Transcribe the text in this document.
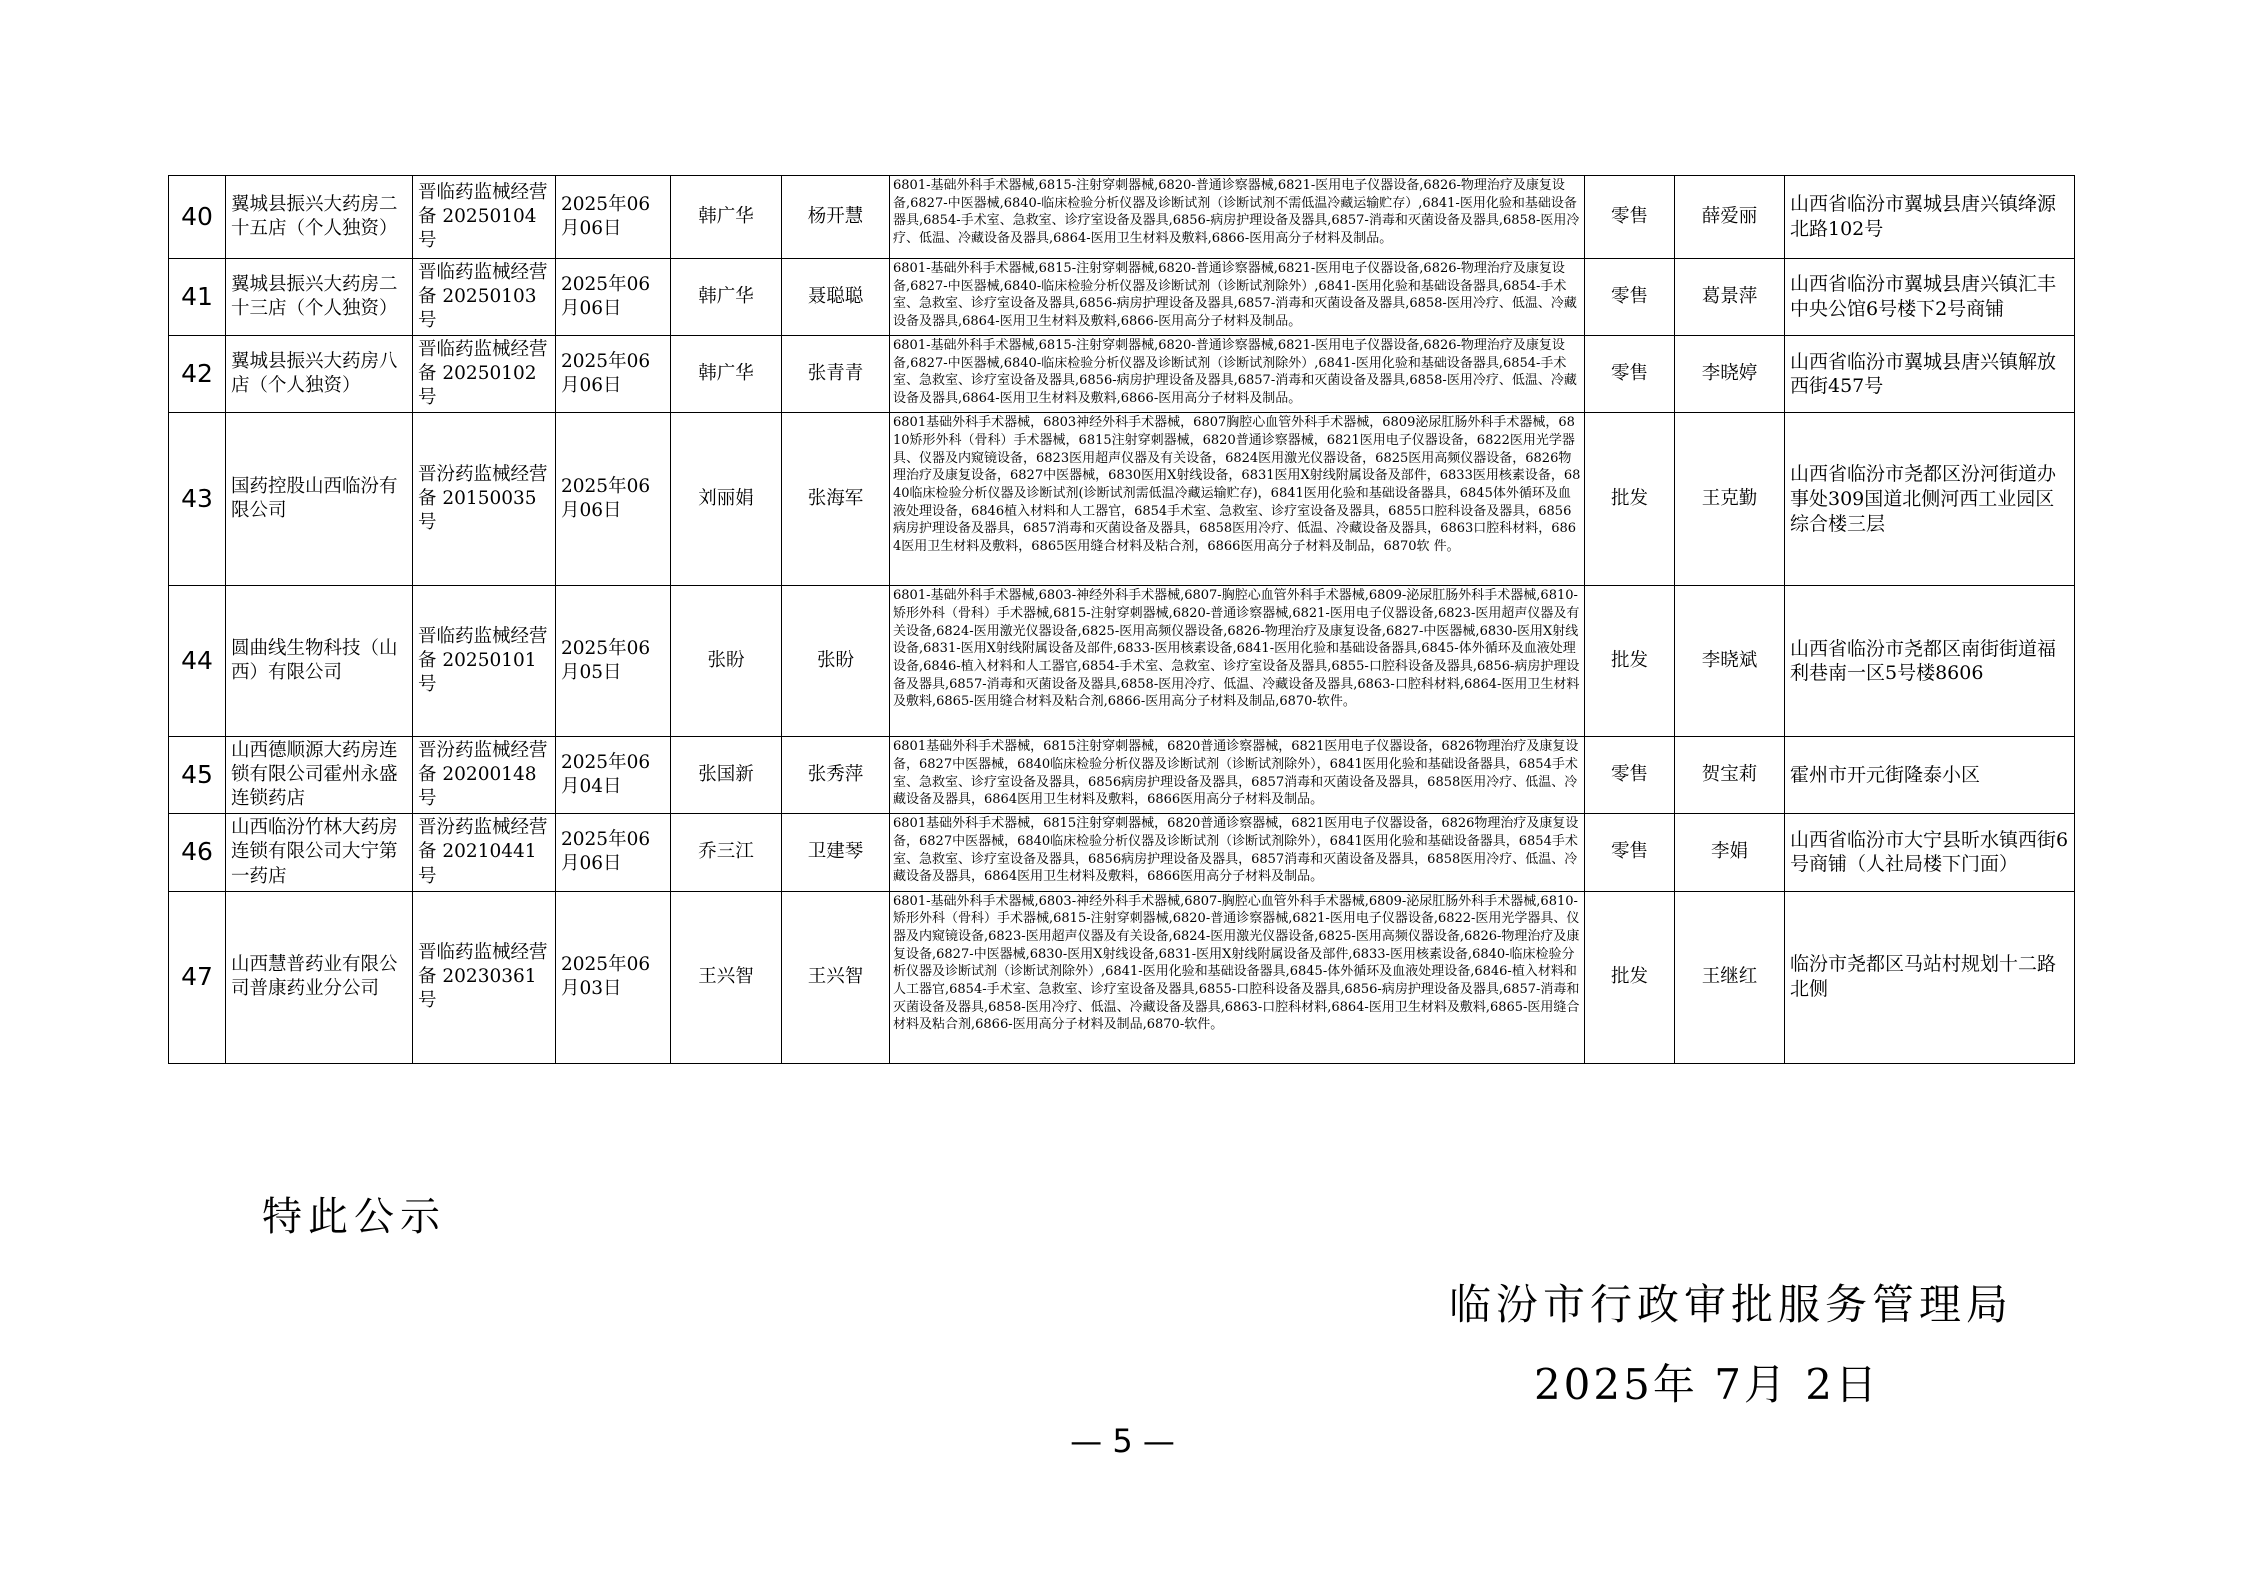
40	翼城县振兴大药房二十五店（个人独资）	晋临药监械经营备 20250104号	2025年06月06日	韩广华	杨开慧	6801-基础外科手术器械,6815-注射穿刺器械,6820-普通诊察器械,6821-医用电子仪器设备,6826-物理治疗及康复设备,6827-中医器械,6840-临床检验分析仪器及诊断试剂（诊断试剂不需低温冷藏运输贮存）,6841-医用化验和基础设备器具,6854-手术室、急救室、诊疗室设备及器具,6856-病房护理设备及器具,6857-消毒和灭菌设备及器具,6858-医用冷疗、低温、冷藏设备及器具,6864-医用卫生材料及敷料,6866-医用高分子材料及制品。	零售	薛爱丽	山西省临汾市翼城县唐兴镇绛源北路102号
41	翼城县振兴大药房二十三店（个人独资）	晋临药监械经营备 20250103号	2025年06月06日	韩广华	聂聪聪	6801-基础外科手术器械,6815-注射穿刺器械,6820-普通诊察器械,6821-医用电子仪器设备,6826-物理治疗及康复设备,6827-中医器械,6840-临床检验分析仪器及诊断试剂（诊断试剂除外）,6841-医用化验和基础设备器具,6854-手术室、急救室、诊疗室设备及器具,6856-病房护理设备及器具,6857-消毒和灭菌设备及器具,6858-医用冷疗、低温、冷藏设备及器具,6864-医用卫生材料及敷料,6866-医用高分子材料及制品。	零售	葛景萍	山西省临汾市翼城县唐兴镇汇丰中央公馆6号楼下2号商铺
42	翼城县振兴大药房八店（个人独资）	晋临药监械经营备 20250102号	2025年06月06日	韩广华	张青青	6801-基础外科手术器械,6815-注射穿刺器械,6820-普通诊察器械,6821-医用电子仪器设备,6826-物理治疗及康复设备,6827-中医器械,6840-临床检验分析仪器及诊断试剂（诊断试剂除外）,6841-医用化验和基础设备器具,6854-手术室、急救室、诊疗室设备及器具,6856-病房护理设备及器具,6857-消毒和灭菌设备及器具,6858-医用冷疗、低温、冷藏设备及器具,6864-医用卫生材料及敷料,6866-医用高分子材料及制品。	零售	李晓婷	山西省临汾市翼城县唐兴镇解放西街457号
43	国药控股山西临汾有限公司	晋汾药监械经营备 20150035号	2025年06月06日	刘丽娟	张海军	6801基础外科手术器械，6803神经外科手术器械，6807胸腔心血管外科手术器械，6809泌尿肛肠外科手术器械，6810矫形外科（骨科）手术器械，6815注射穿刺器械，6820普通诊察器械，6821医用电子仪器设备，6822医用光学器具、仪器及内窥镜设备，6823医用超声仪器及有关设备，6824医用激光仪器设备，6825医用高频仪器设备，6826物理治疗及康复设备，6827中医器械，6830医用X射线设备，6831医用X射线附属设备及部件，6833医用核素设备，6840临床检验分析仪器及诊断试剂(诊断试剂需低温冷藏运输贮存)，6841医用化验和基础设备器具，6845体外循环及血液处理设备，6846植入材料和人工器官，6854手术室、急救室、诊疗室设备及器具，6855口腔科设备及器具，6856病房护理设备及器具，6857消毒和灭菌设备及器具，6858医用冷疗、低温、冷藏设备及器具，6863口腔科材料，6864医用卫生材料及敷料，6865医用缝合材料及粘合剂，6866医用高分子材料及制品，6870软 件。	批发	王克勤	山西省临汾市尧都区汾河街道办事处309国道北侧河西工业园区综合楼三层
44	圆曲线生物科技（山西）有限公司	晋临药监械经营备 20250101号	2025年06月05日	张盼	张盼	6801-基础外科手术器械,6803-神经外科手术器械,6807-胸腔心血管外科手术器械,6809-泌尿肛肠外科手术器械,6810-矫形外科（骨科）手术器械,6815-注射穿刺器械,6820-普通诊察器械,6821-医用电子仪器设备,6823-医用超声仪器及有关设备,6824-医用激光仪器设备,6825-医用高频仪器设备,6826-物理治疗及康复设备,6827-中医器械,6830-医用X射线设备,6831-医用X射线附属设备及部件,6833-医用核素设备,6841-医用化验和基础设备器具,6845-体外循环及血液处理设备,6846-植入材料和人工器官,6854-手术室、急救室、诊疗室设备及器具,6855-口腔科设备及器具,6856-病房护理设备及器具,6857-消毒和灭菌设备及器具,6858-医用冷疗、低温、冷藏设备及器具,6863-口腔科材料,6864-医用卫生材料及敷料,6865-医用缝合材料及粘合剂,6866-医用高分子材料及制品,6870-软件。	批发	李晓斌	山西省临汾市尧都区南街街道福利巷南一区5号楼8606
45	山西德顺源大药房连锁有限公司霍州永盛连锁药店	晋汾药监械经营备 20200148号	2025年06月04日	张国新	张秀萍	6801基础外科手术器械，6815注射穿刺器械，6820普通诊察器械，6821医用电子仪器设备，6826物理治疗及康复设备，6827中医器械，6840临床检验分析仪器及诊断试剂（诊断试剂除外），6841医用化验和基础设备器具，6854手术室、急救室、诊疗室设备及器具，6856病房护理设备及器具，6857消毒和灭菌设备及器具，6858医用冷疗、低温、冷藏设备及器具，6864医用卫生材料及敷料，6866医用高分子材料及制品。	零售	贺宝莉	霍州市开元街隆泰小区
46	山西临汾竹林大药房连锁有限公司大宁第一药店	晋汾药监械经营备 20210441号	2025年06月06日	乔三江	卫建琴	6801基础外科手术器械，6815注射穿刺器械，6820普通诊察器械，6821医用电子仪器设备，6826物理治疗及康复设备，6827中医器械，6840临床检验分析仪器及诊断试剂（诊断试剂除外），6841医用化验和基础设备器具，6854手术室、急救室、诊疗室设备及器具，6856病房护理设备及器具，6857消毒和灭菌设备及器具，6858医用冷疗、低温、冷藏设备及器具，6864医用卫生材料及敷料，6866医用高分子材料及制品。	零售	李娟	山西省临汾市大宁县昕水镇西街6号商铺（人社局楼下门面）
47	山西慧普药业有限公司普康药业分公司	晋临药监械经营备 20230361号	2025年06月03日	王兴智	王兴智	6801-基础外科手术器械,6803-神经外科手术器械,6807-胸腔心血管外科手术器械,6809-泌尿肛肠外科手术器械,6810-矫形外科（骨科）手术器械,6815-注射穿刺器械,6820-普通诊察器械,6821-医用电子仪器设备,6822-医用光学器具、仪器及内窥镜设备,6823-医用超声仪器及有关设备,6824-医用激光仪器设备,6825-医用高频仪器设备,6826-物理治疗及康复设备,6827-中医器械,6830-医用X射线设备,6831-医用X射线附属设备及部件,6833-医用核素设备,6840-临床检验分析仪器及诊断试剂（诊断试剂除外）,6841-医用化验和基础设备器具,6845-体外循环及血液处理设备,6846-植入材料和人工器官,6854-手术室、急救室、诊疗室设备及器具,6855-口腔科设备及器具,6856-病房护理设备及器具,6857-消毒和灭菌设备及器具,6858-医用冷疗、低温、冷藏设备及器具,6863-口腔科材料,6864-医用卫生材料及敷料,6865-医用缝合材料及粘合剂,6866-医用高分子材料及制品,6870-软件。	批发	王继红	临汾市尧都区马站村规划十二路北侧
特此公示
临汾市行政审批服务管理局
2025年 7月 2日
— 5 —
